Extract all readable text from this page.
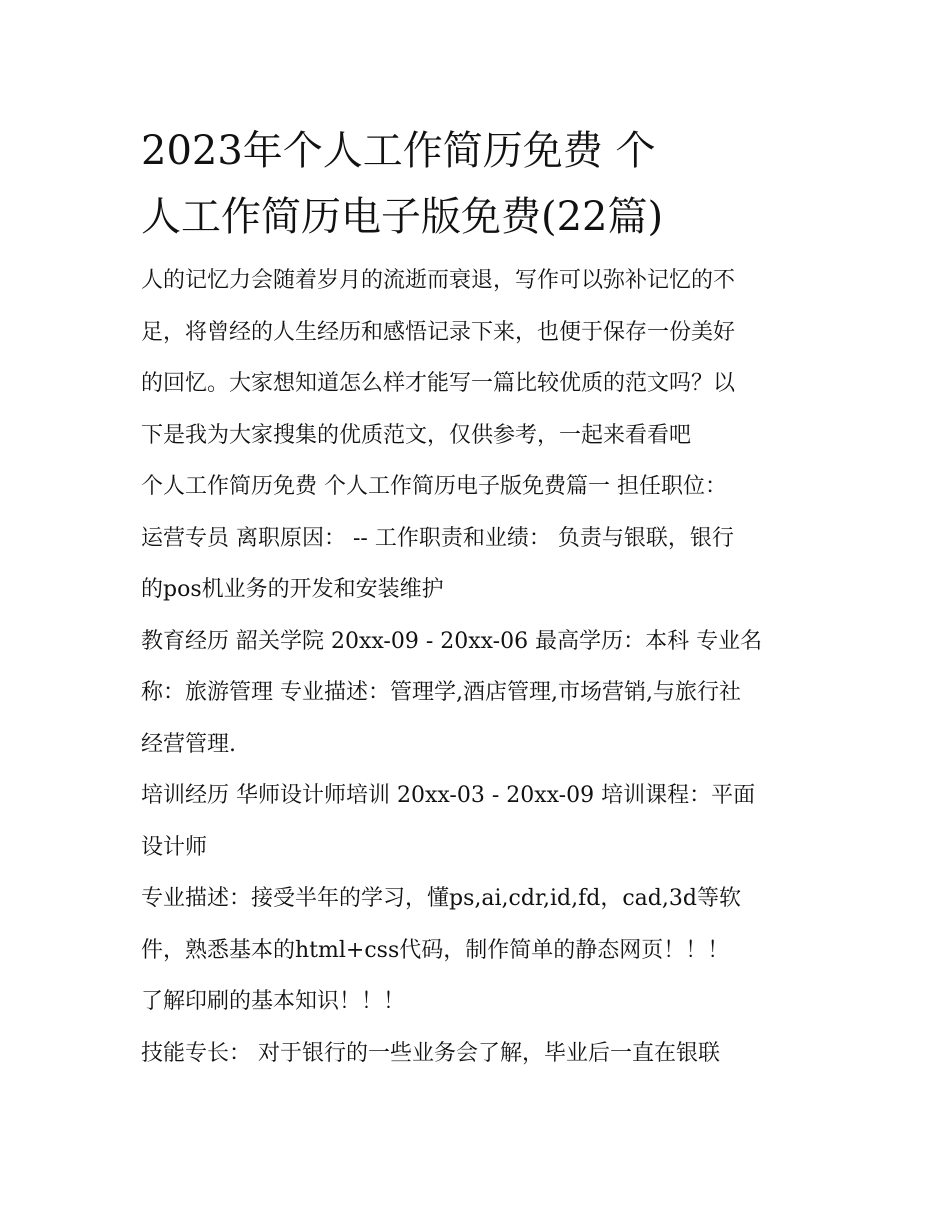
2023年个人工作简历免费 个
人工作简历电子版免费(22篇)

人的记忆力会随着岁月的流逝而衰退，写作可以弥补记忆的不
足，将曾经的人生经历和感悟记录下来，也便于保存一份美好
的回忆。大家想知道怎么样才能写一篇比较优质的范文吗？以
下是我为大家搜集的优质范文，仅供参考，一起来看看吧

个人工作简历免费 个人工作简历电子版免费篇一 担任职位：
运营专员 离职原因： -- 工作职责和业绩： 负责与银联，银行
的pos机业务的开发和安装维护

教育经历 韶关学院 20xx-09 - 20xx-06 最高学历：本科 专业名
称：旅游管理 专业描述：管理学,酒店管理,市场营销,与旅行社
经营管理.

培训经历 华师设计师培训 20xx-03 - 20xx-09 培训课程：平面
设计师

专业描述：接受半年的学习，懂ps,ai,cdr,id,fd，cad,3d等软
件，熟悉基本的html+css代码，制作简单的静态网页！！！
了解印刷的基本知识！！！

技能专长： 对于银行的一些业务会了解，毕业后一直在银联
